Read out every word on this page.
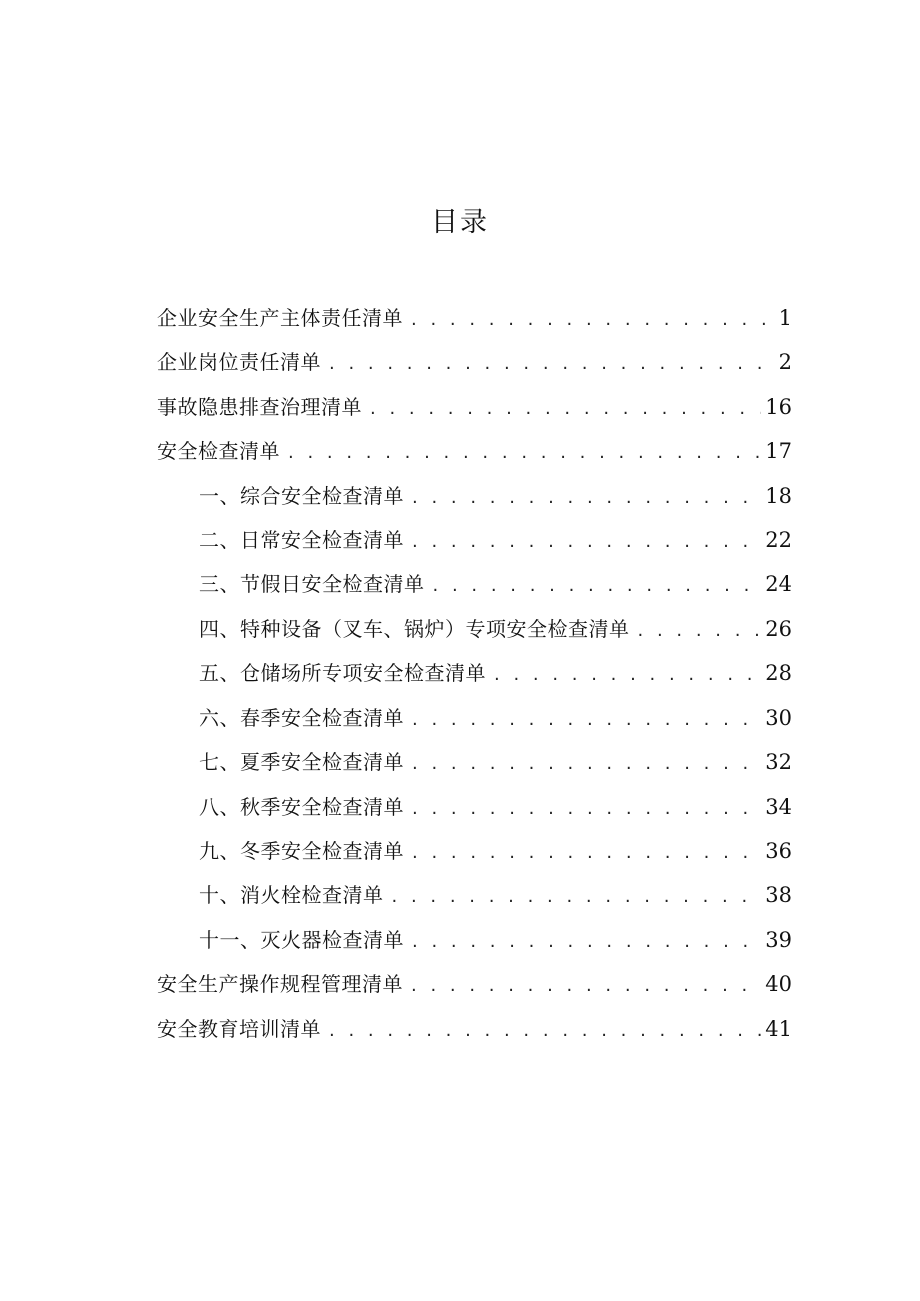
目录
企业安全生产主体责任清单 . . .	1
企业岗位责任清单 . . .	2
事故隐患排查治理清单 . . .	16
安全检查清单 . . .	17
一、综合安全检查清单 . . .	18
二、日常安全检查清单 . . .	22
三、节假日安全检查清单 . . .	24
四、特种设备（叉车、锅炉）专项安全检查清单 . . .	26
五、仓储场所专项安全检查清单 . . .	28
六、春季安全检查清单 . . .	30
七、夏季安全检查清单 . . .	32
八、秋季安全检查清单 . . .	34
九、冬季安全检查清单 . . .	36
十、消火栓检查清单 . . .	38
十一、灭火器检查清单 . . .	39
安全生产操作规程管理清单 . . .	40
安全教育培训清单 . . .	41
